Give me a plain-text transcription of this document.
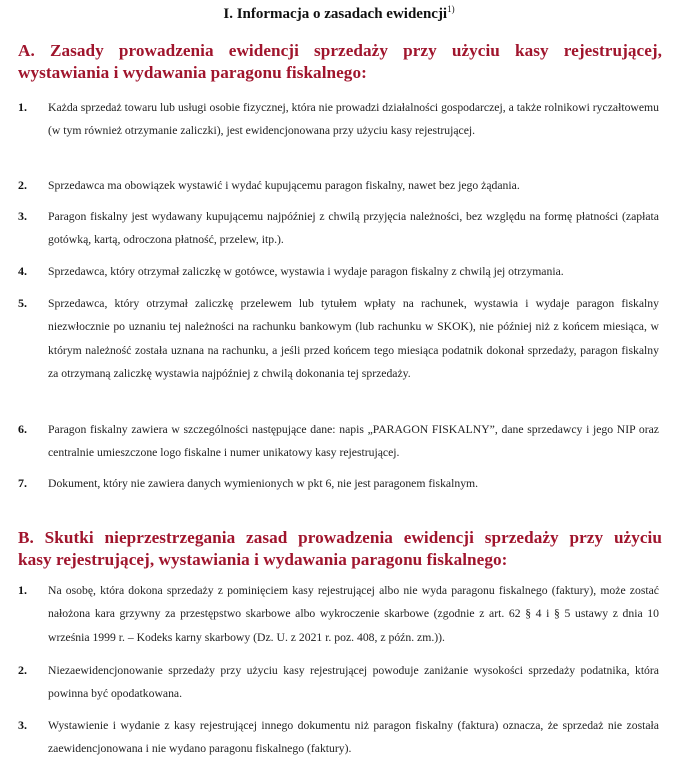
I. Informacja o zasadach ewidencji$^{1)}$
A. Zasady prowadzenia ewidencji sprzedaży przy użyciu kasy rejestrującej,
wystawiania i wydawania paragonu fiskalnego:
1. Każda sprzedaż towaru lub usługi osobie fizycznej, która nie prowadzi działalności gospodarczej, a także rolnikowi ryczałtowemu (w tym również otrzymanie zaliczki), jest ewidencjonowana przy użyciu kasy rejestrującej.
2. Sprzedawca ma obowiązek wystawić i wydać kupującemu paragon fiskalny, nawet bez jego żądania.
3. Paragon fiskalny jest wydawany kupującemu najpóźniej z chwilą przyjęcia należności, bez względu na formę płatności (zapłata gotówką, kartą, odroczona płatność, przelew, itp.).
4. Sprzedawca, który otrzymał zaliczkę w gotówce, wystawia i wydaje paragon fiskalny z chwilą jej otrzymania.
5. Sprzedawca, który otrzymał zaliczkę przelewem lub tytułem wpłaty na rachunek, wystawia i wydaje paragon fiskalny niezwłocznie po uznaniu tej należności na rachunku bankowym (lub rachunku w SKOK), nie później niż z końcem miesiąca, w którym należność została uznana na rachunku, a jeśli przed końcem tego miesiąca podatnik dokonał sprzedaży, paragon fiskalny za otrzymaną zaliczkę wystawia najpóźniej z chwilą dokonania tej sprzedaży.
6. Paragon fiskalny zawiera w szczególności następujące dane: napis „PARAGON FISKALNY”, dane sprzedawcy i jego NIP oraz centralnie umieszczone logo fiskalne i numer unikatowy kasy rejestrującej.
7. Dokument, który nie zawiera danych wymienionych w pkt 6, nie jest paragonem fiskalnym.
B. Skutki nieprzestrzegania zasad prowadzenia ewidencji sprzedaży przy użyciu
kasy rejestrującej, wystawiania i wydawania paragonu fiskalnego:
1. Na osobę, która dokona sprzedaży z pominięciem kasy rejestrującej albo nie wyda paragonu fiskalnego (faktury), może zostać nałożona kara grzywny za przestępstwo skarbowe albo wykroczenie skarbowe (zgodnie z art. 62 § 4 i § 5 ustawy z dnia 10 września 1999 r. – Kodeks karny skarbowy (Dz. U. z 2021 r. poz. 408, z późn. zm.)).
2. Niezaewidencjonowanie sprzedaży przy użyciu kasy rejestrującej powoduje zaniżanie wysokości sprzedaży podatnika, która powinna być opodatkowana.
3. Wystawienie i wydanie z kasy rejestrującej innego dokumentu niż paragon fiskalny (faktura) oznacza, że sprzedaż nie została zaewidencjonowana i nie wydano paragonu fiskalnego (faktury).
